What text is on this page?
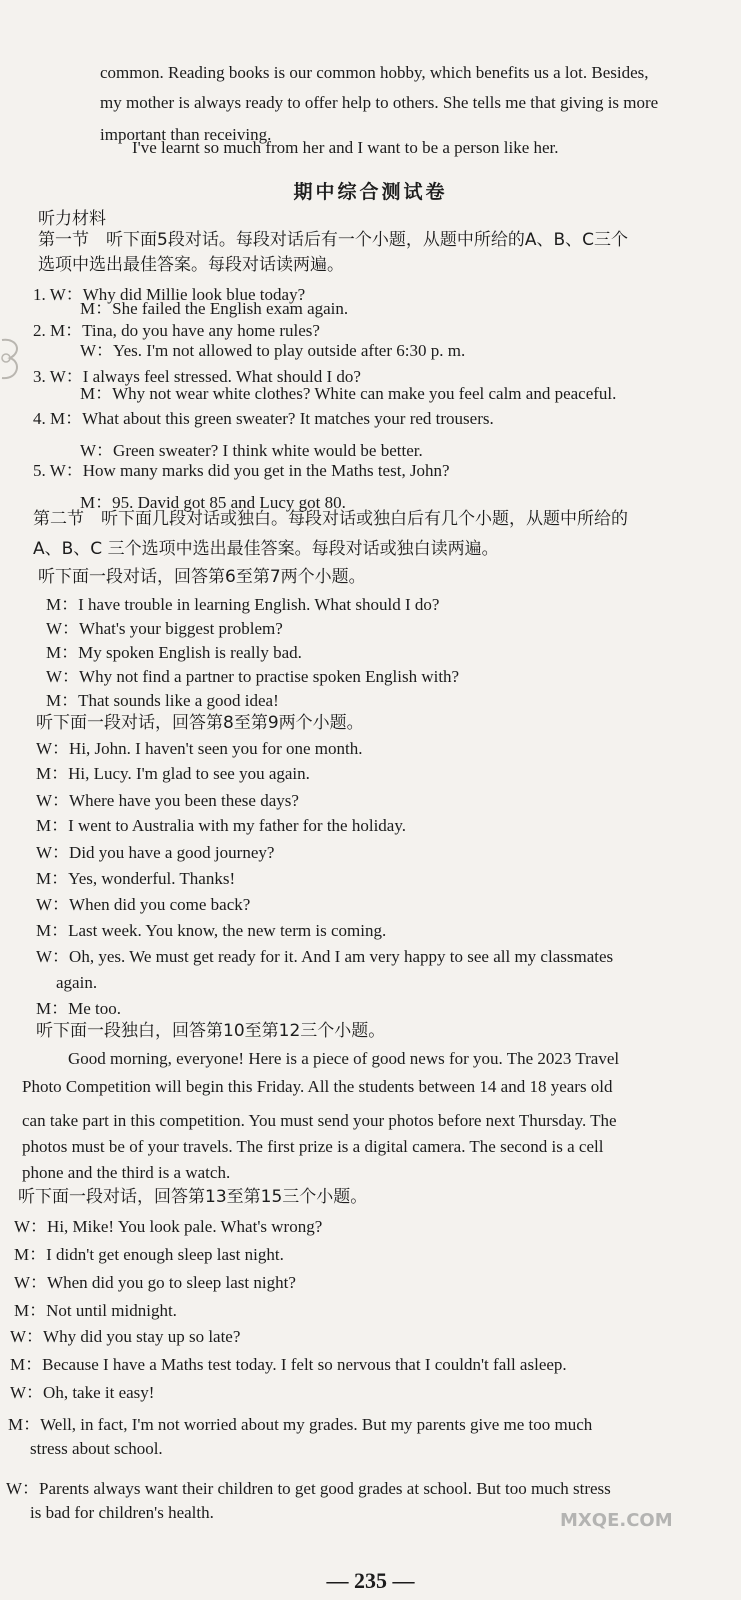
common. Reading books is our common hobby, which benefits us a lot. Besides,
my mother is always ready to offer help to others. She tells me that giving is more
important than receiving.
I've learnt so much from her and I want to be a person like her.
期中综合测试卷
听力材料
第一节　听下面5段对话。每段对话后有一个小题，从题中所给的A、B、C三个
选项中选出最佳答案。每段对话读两遍。
1. W：Why did Millie look blue today?
M：She failed the English exam again.
2. M：Tina, do you have any home rules?
W：Yes. I'm not allowed to play outside after 6:30 p. m.
3. W：I always feel stressed. What should I do?
M：Why not wear white clothes? White can make you feel calm and peaceful.
4. M：What about this green sweater? It matches your red trousers.
W：Green sweater? I think white would be better.
5. W：How many marks did you get in the Maths test, John?
M：95. David got 85 and Lucy got 80.
第二节　听下面几段对话或独白。每段对话或独白后有几个小题，从题中所给的
A、B、C 三个选项中选出最佳答案。每段对话或独白读两遍。
听下面一段对话，回答第6至第7两个小题。
M：I have trouble in learning English. What should I do?
W：What's your biggest problem?
M：My spoken English is really bad.
W：Why not find a partner to practise spoken English with?
M：That sounds like a good idea!
听下面一段对话，回答第8至第9两个小题。
W：Hi, John. I haven't seen you for one month.
M：Hi, Lucy. I'm glad to see you again.
W：Where have you been these days?
M：I went to Australia with my father for the holiday.
W：Did you have a good journey?
M：Yes, wonderful. Thanks!
W：When did you come back?
M：Last week. You know, the new term is coming.
W：Oh, yes. We must get ready for it. And I am very happy to see all my classmates
again.
M：Me too.
听下面一段独白，回答第10至第12三个小题。
Good morning, everyone! Here is a piece of good news for you. The 2023 Travel
Photo Competition will begin this Friday. All the students between 14 and 18 years old
can take part in this competition. You must send your photos before next Thursday. The
photos must be of your travels. The first prize is a digital camera. The second is a cell
phone and the third is a watch.
听下面一段对话，回答第13至第15三个小题。
W：Hi, Mike! You look pale. What's wrong?
M：I didn't get enough sleep last night.
W：When did you go to sleep last night?
M：Not until midnight.
W：Why did you stay up so late?
M：Because I have a Maths test today. I felt so nervous that I couldn't fall asleep.
W：Oh, take it easy!
M：Well, in fact, I'm not worried about my grades. But my parents give me too much
stress about school.
W：Parents always want their children to get good grades at school. But too much stress
is bad for children's health.	MXQE.COM
— 235 —
